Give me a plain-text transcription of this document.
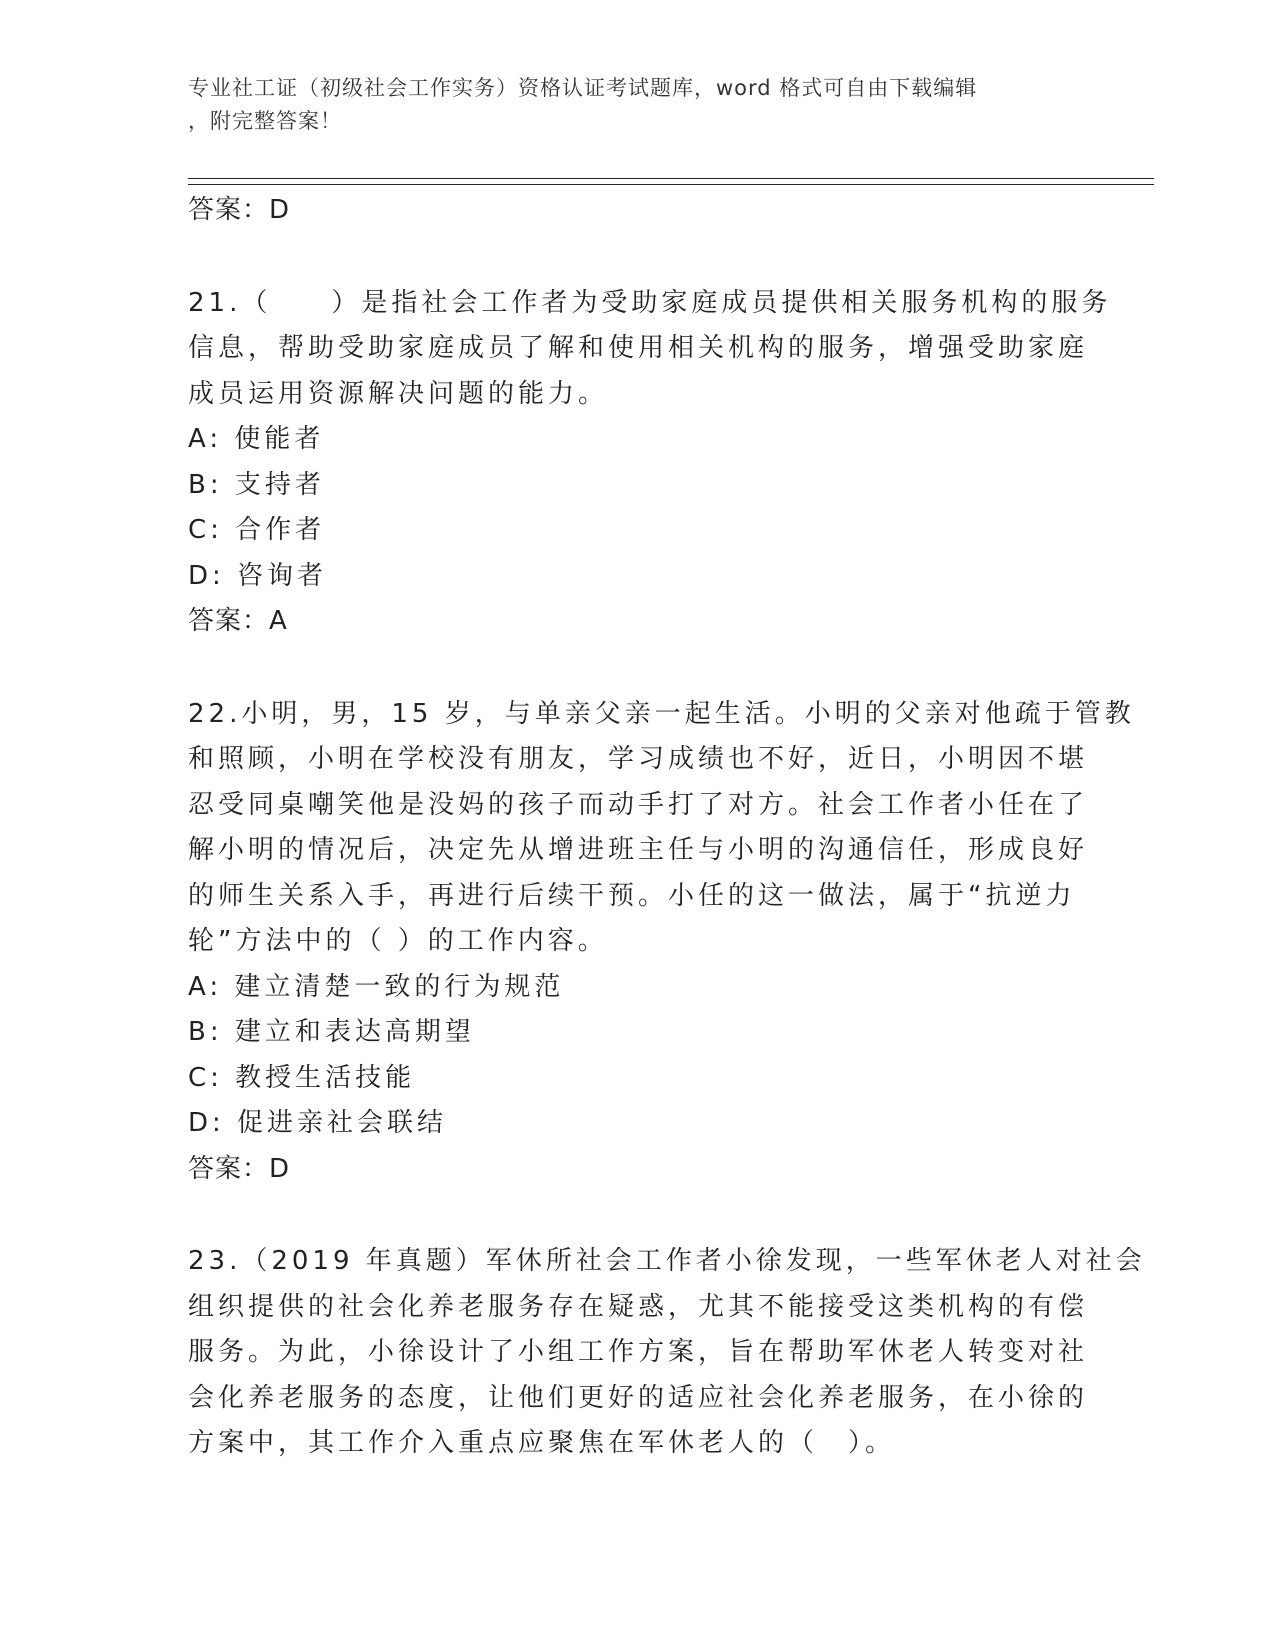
专业社工证（初级社会工作实务）资格认证考试题库，word 格式可自由下载编辑
，附完整答案！
答案：D
21.（　　）是指社会工作者为受助家庭成员提供相关服务机构的服务
信息，帮助受助家庭成员了解和使用相关机构的服务，增强受助家庭
成员运用资源解决问题的能力。
A: 使能者
B: 支持者
C: 合作者
D: 咨询者
答案：A
22.小明，男，15 岁，与单亲父亲一起生活。小明的父亲对他疏于管教
和照顾，小明在学校没有朋友，学习成绩也不好，近日，小明因不堪
忍受同桌嘲笑他是没妈的孩子而动手打了对方。社会工作者小任在了
解小明的情况后，决定先从增进班主任与小明的沟通信任，形成良好
的师生关系入手，再进行后续干预。小任的这一做法，属于“抗逆力
轮”方法中的（ ）的工作内容。
A: 建立清楚一致的行为规范
B: 建立和表达高期望
C: 教授生活技能
D: 促进亲社会联结
答案：D
23.（2019 年真题）军休所社会工作者小徐发现，一些军休老人对社会
组织提供的社会化养老服务存在疑惑，尤其不能接受这类机构的有偿
服务。为此，小徐设计了小组工作方案，旨在帮助军休老人转变对社
会化养老服务的态度，让他们更好的适应社会化养老服务，在小徐的
方案中，其工作介入重点应聚焦在军休老人的（　）。
